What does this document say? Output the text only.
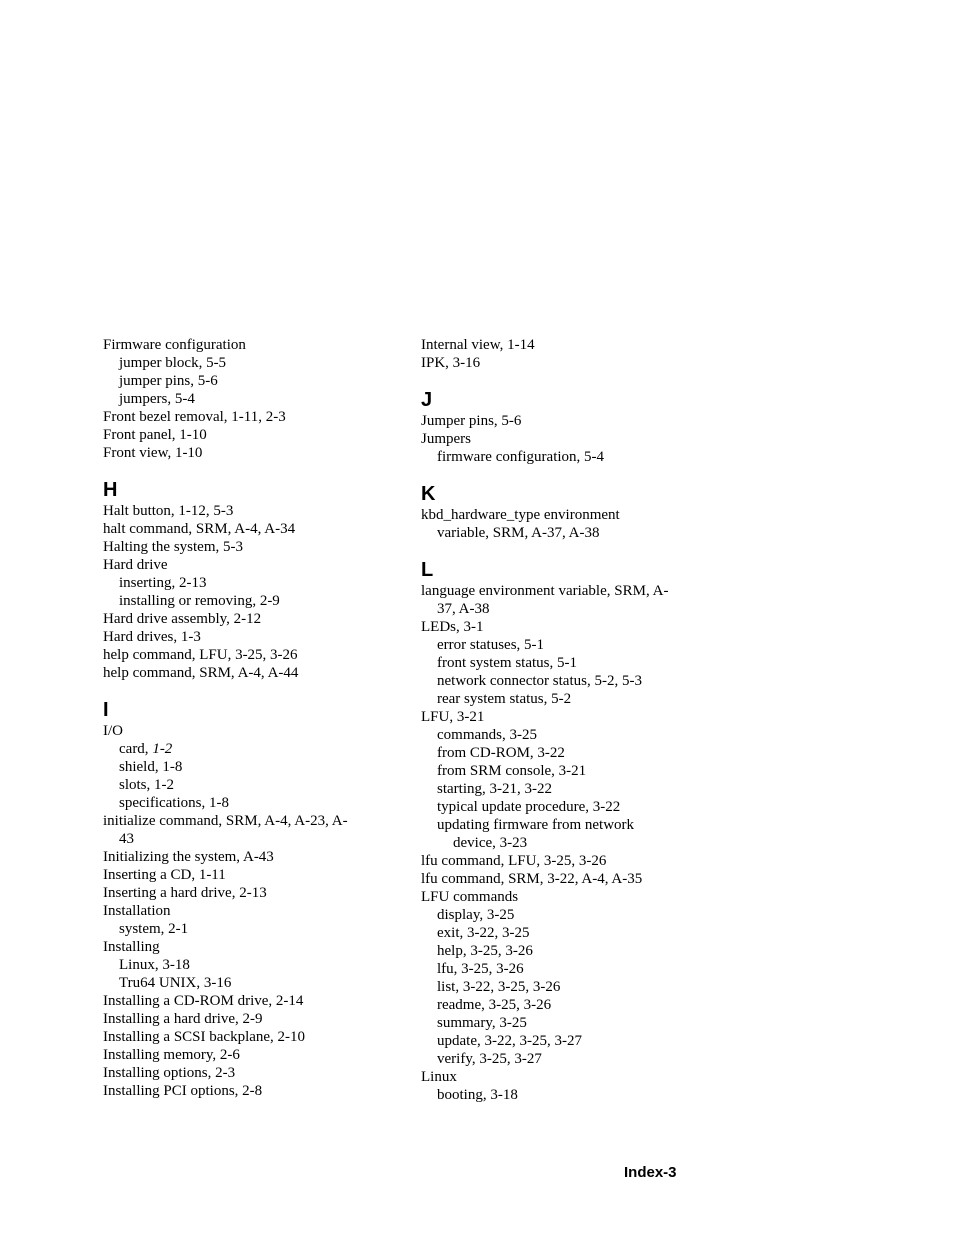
Firmware configuration
jumper block, 5-5
jumper pins, 5-6
jumpers, 5-4
Front bezel removal, 1-11, 2-3
Front panel, 1-10
Front view, 1-10
H
Halt button, 1-12, 5-3
halt command, SRM, A-4, A-34
Halting the system, 5-3
Hard drive
inserting, 2-13
installing or removing, 2-9
Hard drive assembly, 2-12
Hard drives, 1-3
help command, LFU, 3-25, 3-26
help command, SRM, A-4, A-44
I
I/O
card, 1-2
shield, 1-8
slots, 1-2
specifications, 1-8
initialize command, SRM, A-4, A-23, A-
43
Initializing the system, A-43
Inserting a CD, 1-11
Inserting a hard drive, 2-13
Installation
system, 2-1
Installing
Linux, 3-18
Tru64 UNIX, 3-16
Installing a CD-ROM drive, 2-14
Installing a hard drive, 2-9
Installing a SCSI backplane, 2-10
Installing memory, 2-6
Installing options, 2-3
Installing PCI options, 2-8
Internal view, 1-14
IPK, 3-16
J
Jumper pins, 5-6
Jumpers
firmware configuration, 5-4
K
kbd_hardware_type environment
variable, SRM, A-37, A-38
L
language environment variable, SRM, A-
37, A-38
LEDs, 3-1
error statuses, 5-1
front system status, 5-1
network connector status, 5-2, 5-3
rear system status, 5-2
LFU, 3-21
commands, 3-25
from CD-ROM, 3-22
from SRM console, 3-21
starting, 3-21, 3-22
typical update procedure, 3-22
updating firmware from network
device, 3-23
lfu command, LFU, 3-25, 3-26
lfu command, SRM, 3-22, A-4, A-35
LFU commands
display, 3-25
exit, 3-22, 3-25
help, 3-25, 3-26
lfu, 3-25, 3-26
list, 3-22, 3-25, 3-26
readme, 3-25, 3-26
summary, 3-25
update, 3-22, 3-25, 3-27
verify, 3-25, 3-27
Linux
booting, 3-18
Index-3
